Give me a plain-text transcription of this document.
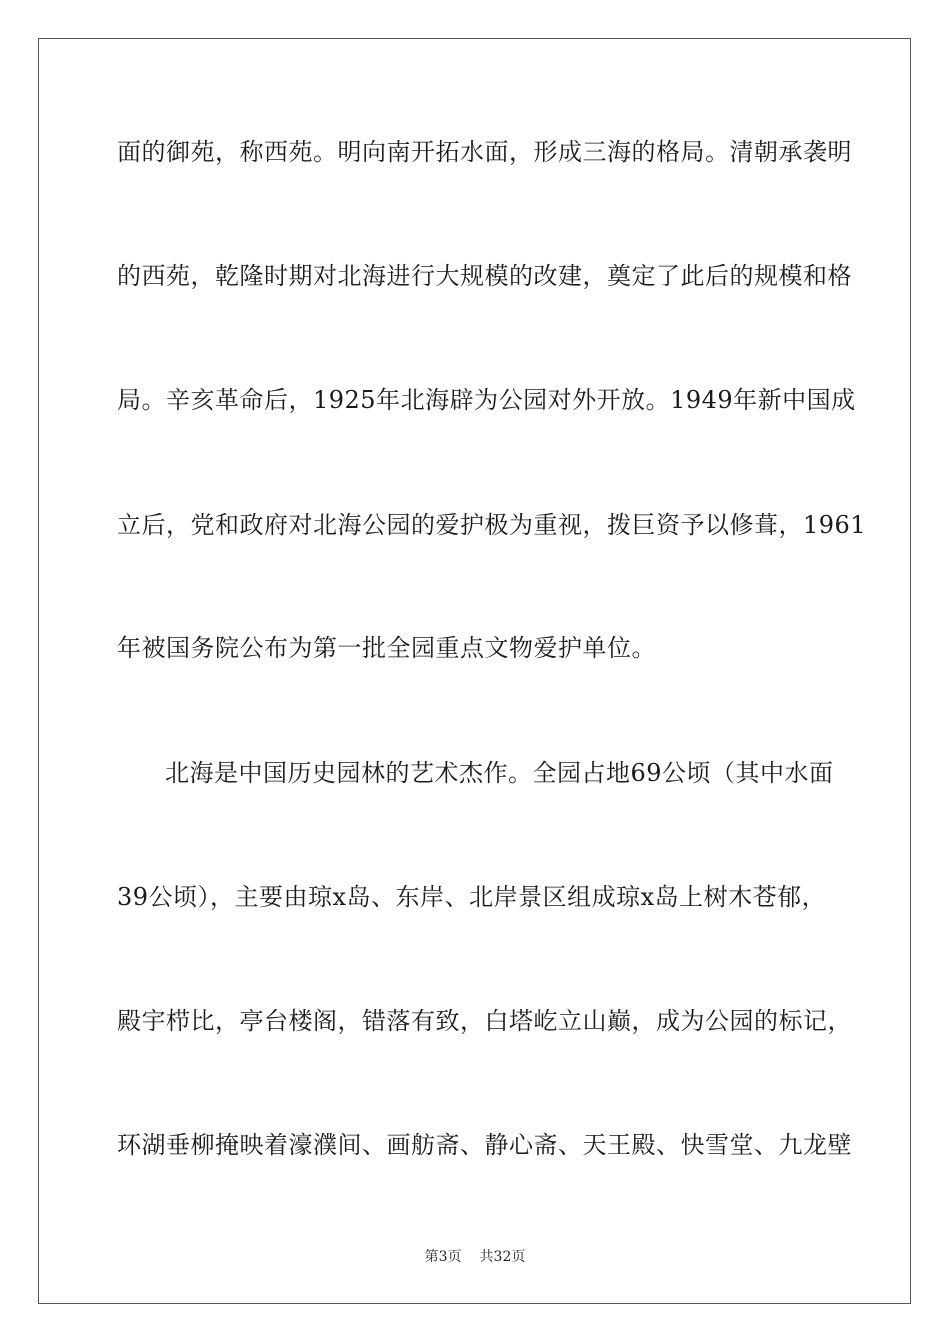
面的御苑，称西苑。明向南开拓水面，形成三海的格局。清朝承袭明
的西苑，乾隆时期对北海进行大规模的改建，奠定了此后的规模和格
局。辛亥革命后，1925年北海辟为公园对外开放。1949年新中国成
立后，党和政府对北海公园的爱护极为重视，拨巨资予以修葺，1961
年被国务院公布为第一批全园重点文物爱护单位。
北海是中国历史园林的艺术杰作。全园占地69公顷（其中水面
39公顷），主要由琼x岛、东岸、北岸景区组成琼x岛上树木苍郁，
殿宇栉比，亭台楼阁，错落有致，白塔屹立山巅，成为公园的标记，
环湖垂柳掩映着濠濮间、画舫斋、静心斋、天王殿、快雪堂、九龙壁
第3页 共32页
